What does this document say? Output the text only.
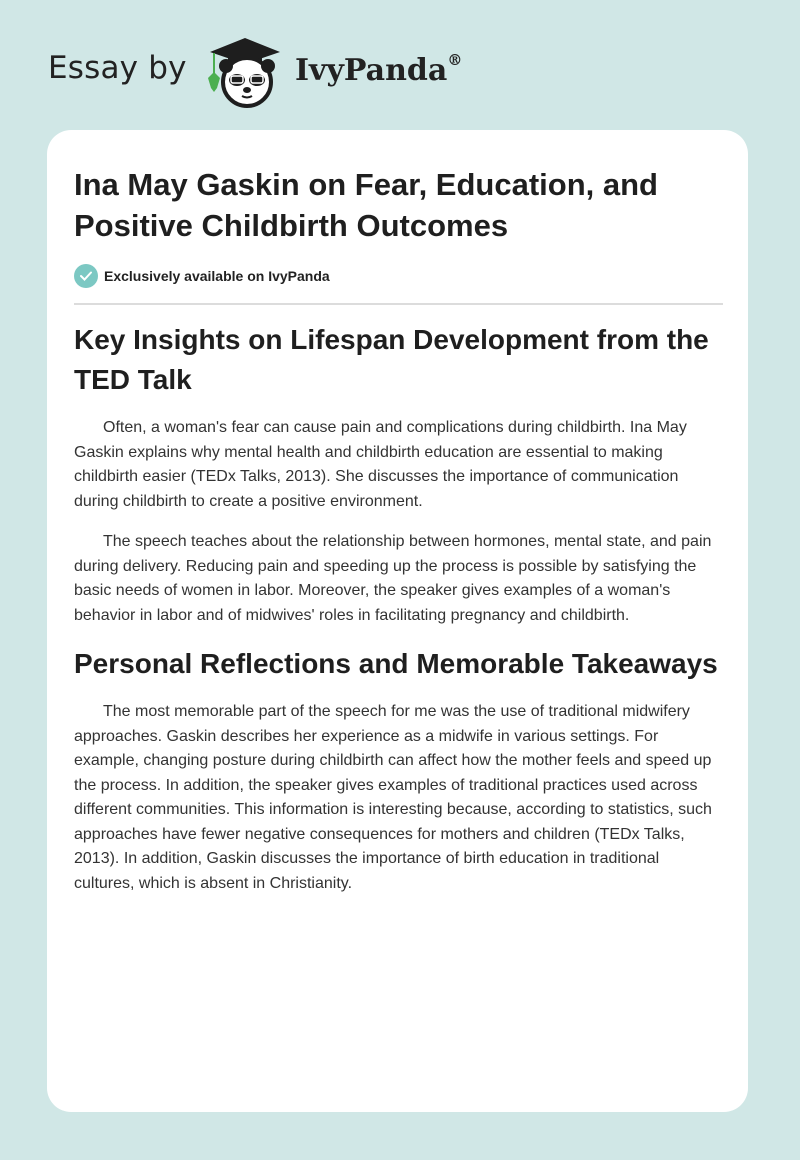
Essay by	IvyPanda®
Ina May Gaskin on Fear, Education, and Positive Childbirth Outcomes
Exclusively available on IvyPanda
Key Insights on Lifespan Development from the TED Talk

Often, a woman's fear can cause pain and complications during childbirth. Ina May Gaskin explains why mental health and childbirth education are essential to making childbirth easier (TEDx Talks, 2013). She discusses the importance of communication during childbirth to create a positive environment.

The speech teaches about the relationship between hormones, mental state, and pain during delivery. Reducing pain and speeding up the process is possible by satisfying the basic needs of women in labor. Moreover, the speaker gives examples of a woman's behavior in labor and of midwives' roles in facilitating pregnancy and childbirth.

Personal Reflections and Memorable Takeaways

The most memorable part of the speech for me was the use of traditional midwifery approaches. Gaskin describes her experience as a midwife in various settings. For example, changing posture during childbirth can affect how the mother feels and speed up the process. In addition, the speaker gives examples of traditional practices used across different communities. This information is interesting because, according to statistics, such approaches have fewer negative consequences for mothers and children (TEDx Talks, 2013). In addition, Gaskin discusses the importance of birth education in traditional cultures, which is absent in Christianity.
